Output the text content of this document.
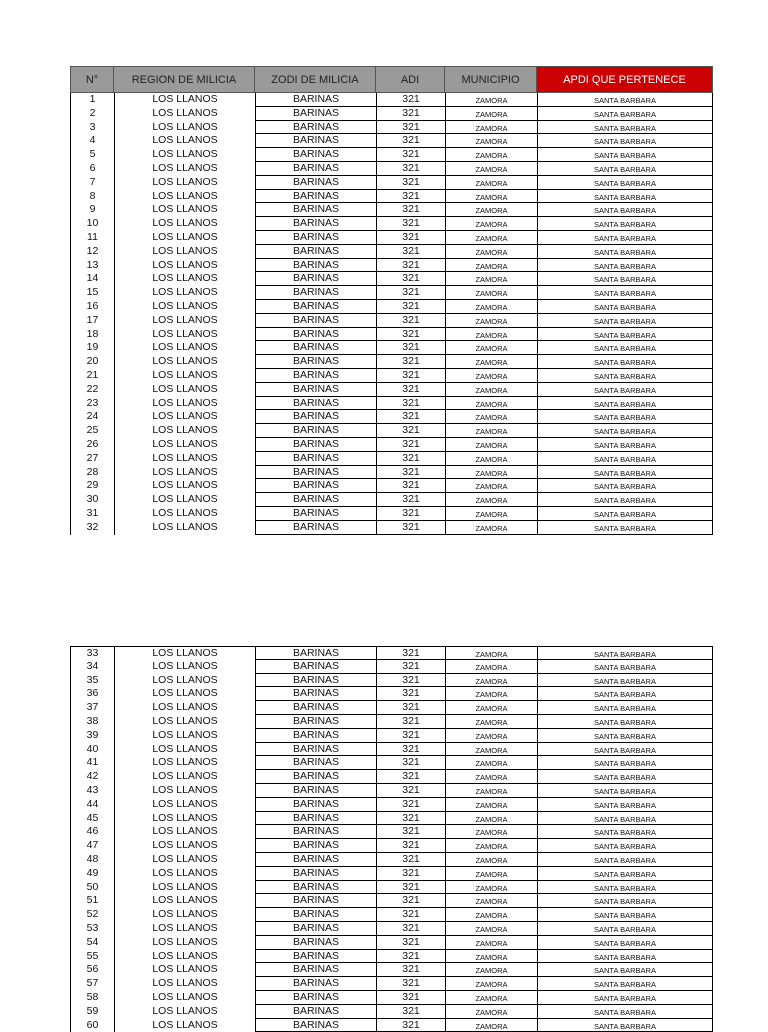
N°	REGION DE MILICIA	ZODI DE MILICIA	ADI	MUNICIPIO	APDI QUE PERTENECE
1	LOS LLANOS	BARINAS	321	ZAMORA	SANTA BARBARA
2	LOS LLANOS	BARINAS	321	ZAMORA	SANTA BARBARA
3	LOS LLANOS	BARINAS	321	ZAMORA	SANTA BARBARA
4	LOS LLANOS	BARINAS	321	ZAMORA	SANTA BARBARA
5	LOS LLANOS	BARINAS	321	ZAMORA	SANTA BARBARA
6	LOS LLANOS	BARINAS	321	ZAMORA	SANTA BARBARA
7	LOS LLANOS	BARINAS	321	ZAMORA	SANTA BARBARA
8	LOS LLANOS	BARINAS	321	ZAMORA	SANTA BARBARA
9	LOS LLANOS	BARINAS	321	ZAMORA	SANTA BARBARA
10	LOS LLANOS	BARINAS	321	ZAMORA	SANTA BARBARA
11	LOS LLANOS	BARINAS	321	ZAMORA	SANTA BARBARA
12	LOS LLANOS	BARINAS	321	ZAMORA	SANTA BARBARA
13	LOS LLANOS	BARINAS	321	ZAMORA	SANTA BARBARA
14	LOS LLANOS	BARINAS	321	ZAMORA	SANTA BARBARA
15	LOS LLANOS	BARINAS	321	ZAMORA	SANTA BARBARA
16	LOS LLANOS	BARINAS	321	ZAMORA	SANTA BARBARA
17	LOS LLANOS	BARINAS	321	ZAMORA	SANTA BARBARA
18	LOS LLANOS	BARINAS	321	ZAMORA	SANTA BARBARA
19	LOS LLANOS	BARINAS	321	ZAMORA	SANTA BARBARA
20	LOS LLANOS	BARINAS	321	ZAMORA	SANTA BARBARA
21	LOS LLANOS	BARINAS	321	ZAMORA	SANTA BARBARA
22	LOS LLANOS	BARINAS	321	ZAMORA	SANTA BARBARA
23	LOS LLANOS	BARINAS	321	ZAMORA	SANTA BARBARA
24	LOS LLANOS	BARINAS	321	ZAMORA	SANTA BARBARA
25	LOS LLANOS	BARINAS	321	ZAMORA	SANTA BARBARA
26	LOS LLANOS	BARINAS	321	ZAMORA	SANTA BARBARA
27	LOS LLANOS	BARINAS	321	ZAMORA	SANTA BARBARA
28	LOS LLANOS	BARINAS	321	ZAMORA	SANTA BARBARA
29	LOS LLANOS	BARINAS	321	ZAMORA	SANTA BARBARA
30	LOS LLANOS	BARINAS	321	ZAMORA	SANTA BARBARA
31	LOS LLANOS	BARINAS	321	ZAMORA	SANTA BARBARA
32	LOS LLANOS	BARINAS	321	ZAMORA	SANTA BARBARA
33	LOS LLANOS	BARINAS	321	ZAMORA	SANTA BARBARA
34	LOS LLANOS	BARINAS	321	ZAMORA	SANTA BARBARA
35	LOS LLANOS	BARINAS	321	ZAMORA	SANTA BARBARA
36	LOS LLANOS	BARINAS	321	ZAMORA	SANTA BARBARA
37	LOS LLANOS	BARINAS	321	ZAMORA	SANTA BARBARA
38	LOS LLANOS	BARINAS	321	ZAMORA	SANTA BARBARA
39	LOS LLANOS	BARINAS	321	ZAMORA	SANTA BARBARA
40	LOS LLANOS	BARINAS	321	ZAMORA	SANTA BARBARA
41	LOS LLANOS	BARINAS	321	ZAMORA	SANTA BARBARA
42	LOS LLANOS	BARINAS	321	ZAMORA	SANTA BARBARA
43	LOS LLANOS	BARINAS	321	ZAMORA	SANTA BARBARA
44	LOS LLANOS	BARINAS	321	ZAMORA	SANTA BARBARA
45	LOS LLANOS	BARINAS	321	ZAMORA	SANTA BARBARA
46	LOS LLANOS	BARINAS	321	ZAMORA	SANTA BARBARA
47	LOS LLANOS	BARINAS	321	ZAMORA	SANTA BARBARA
48	LOS LLANOS	BARINAS	321	ZAMORA	SANTA BARBARA
49	LOS LLANOS	BARINAS	321	ZAMORA	SANTA BARBARA
50	LOS LLANOS	BARINAS	321	ZAMORA	SANTA BARBARA
51	LOS LLANOS	BARINAS	321	ZAMORA	SANTA BARBARA
52	LOS LLANOS	BARINAS	321	ZAMORA	SANTA BARBARA
53	LOS LLANOS	BARINAS	321	ZAMORA	SANTA BARBARA
54	LOS LLANOS	BARINAS	321	ZAMORA	SANTA BARBARA
55	LOS LLANOS	BARINAS	321	ZAMORA	SANTA BARBARA
56	LOS LLANOS	BARINAS	321	ZAMORA	SANTA BARBARA
57	LOS LLANOS	BARINAS	321	ZAMORA	SANTA BARBARA
58	LOS LLANOS	BARINAS	321	ZAMORA	SANTA BARBARA
59	LOS LLANOS	BARINAS	321	ZAMORA	SANTA BARBARA
60	LOS LLANOS	BARINAS	321	ZAMORA	SANTA BARBARA
